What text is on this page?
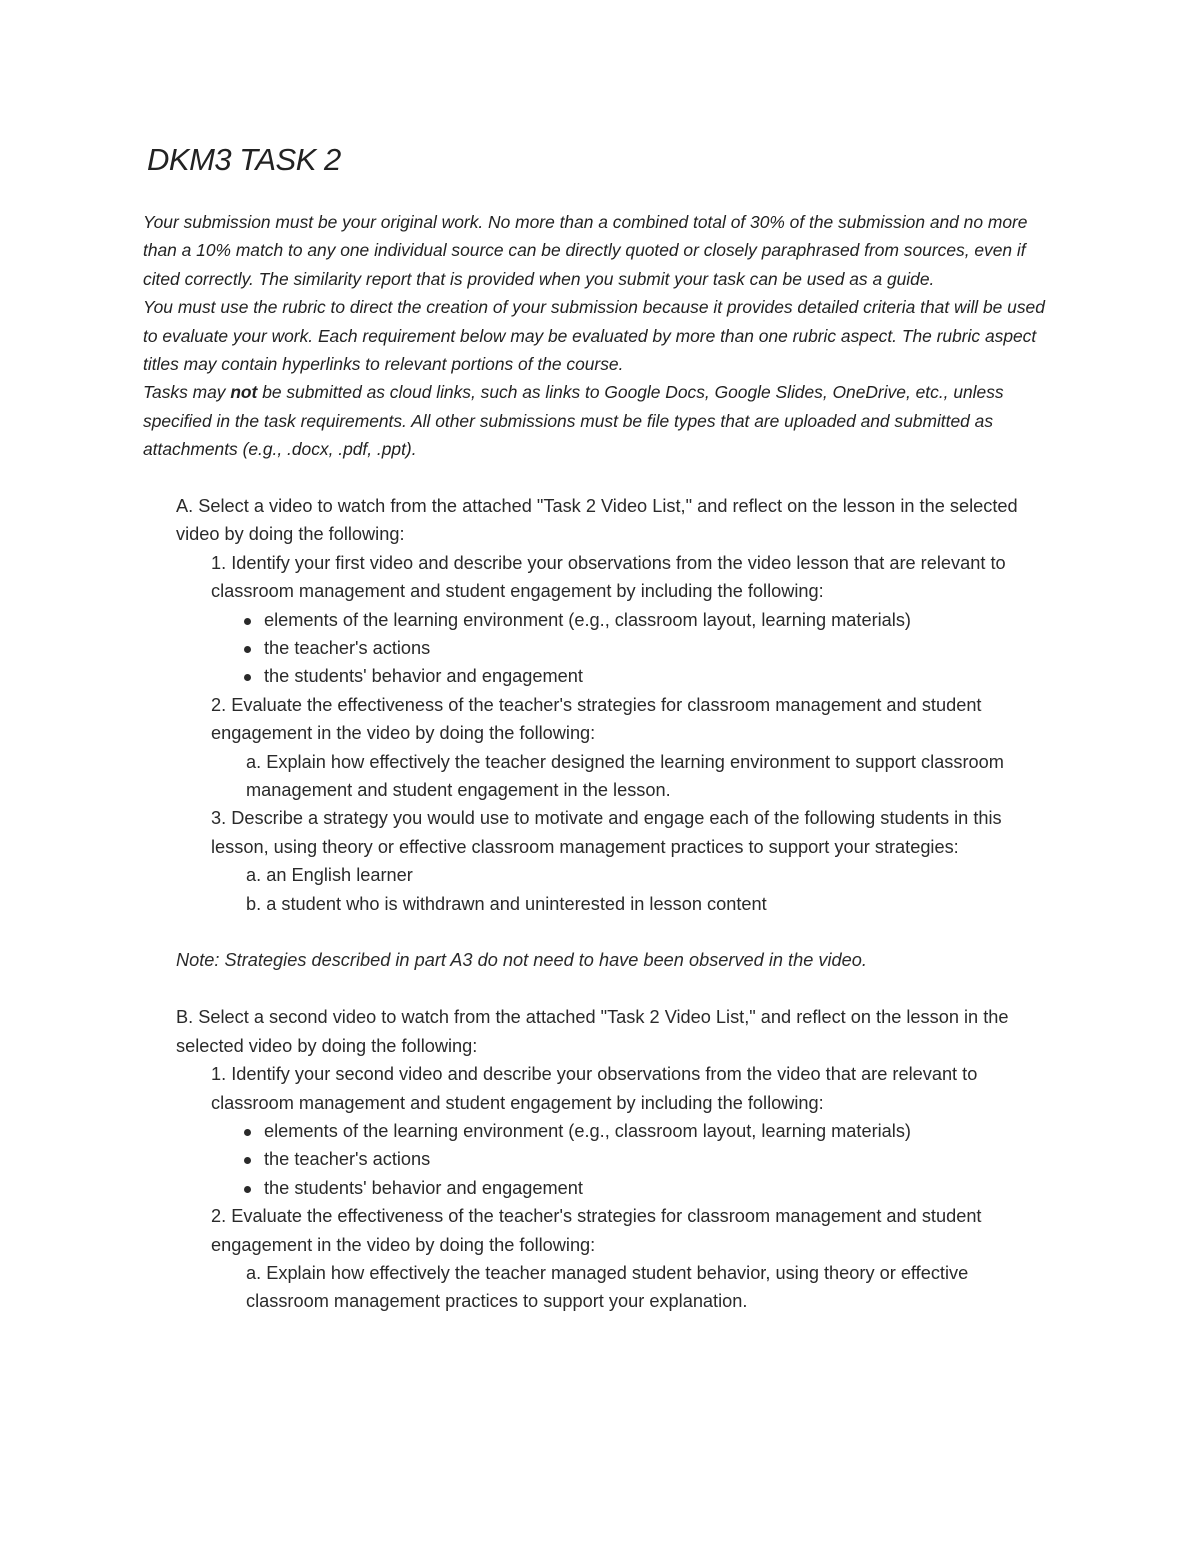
DKM3 TASK 2

Your submission must be your original work. No more than a combined total of 30% of the submission and no more than a 10% match to any one individual source can be directly quoted or closely paraphrased from sources, even if cited correctly. The similarity report that is provided when you submit your task can be used as a guide.

You must use the rubric to direct the creation of your submission because it provides detailed criteria that will be used to evaluate your work. Each requirement below may be evaluated by more than one rubric aspect. The rubric aspect titles may contain hyperlinks to relevant portions of the course.

Tasks may not be submitted as cloud links, such as links to Google Docs, Google Slides, OneDrive, etc., unless specified in the task requirements. All other submissions must be file types that are uploaded and submitted as attachments (e.g., .docx, .pdf, .ppt).

A. Select a video to watch from the attached "Task 2 Video List," and reflect on the lesson in the selected video by doing the following:
1. Identify your first video and describe your observations from the video lesson that are relevant to classroom management and student engagement by including the following:
elements of the learning environment (e.g., classroom layout, learning materials)
the teacher's actions
the students' behavior and engagement
2. Evaluate the effectiveness of the teacher's strategies for classroom management and student engagement in the video by doing the following:
a. Explain how effectively the teacher designed the learning environment to support classroom management and student engagement in the lesson.
3. Describe a strategy you would use to motivate and engage each of the following students in this lesson, using theory or effective classroom management practices to support your strategies:
a. an English learner
b. a student who is withdrawn and uninterested in lesson content

Note: Strategies described in part A3 do not need to have been observed in the video.

B. Select a second video to watch from the attached "Task 2 Video List," and reflect on the lesson in the selected video by doing the following:
1. Identify your second video and describe your observations from the video that are relevant to classroom management and student engagement by including the following:
elements of the learning environment (e.g., classroom layout, learning materials)
the teacher's actions
the students' behavior and engagement
2. Evaluate the effectiveness of the teacher's strategies for classroom management and student engagement in the video by doing the following:
a. Explain how effectively the teacher managed student behavior, using theory or effective classroom management practices to support your explanation.
